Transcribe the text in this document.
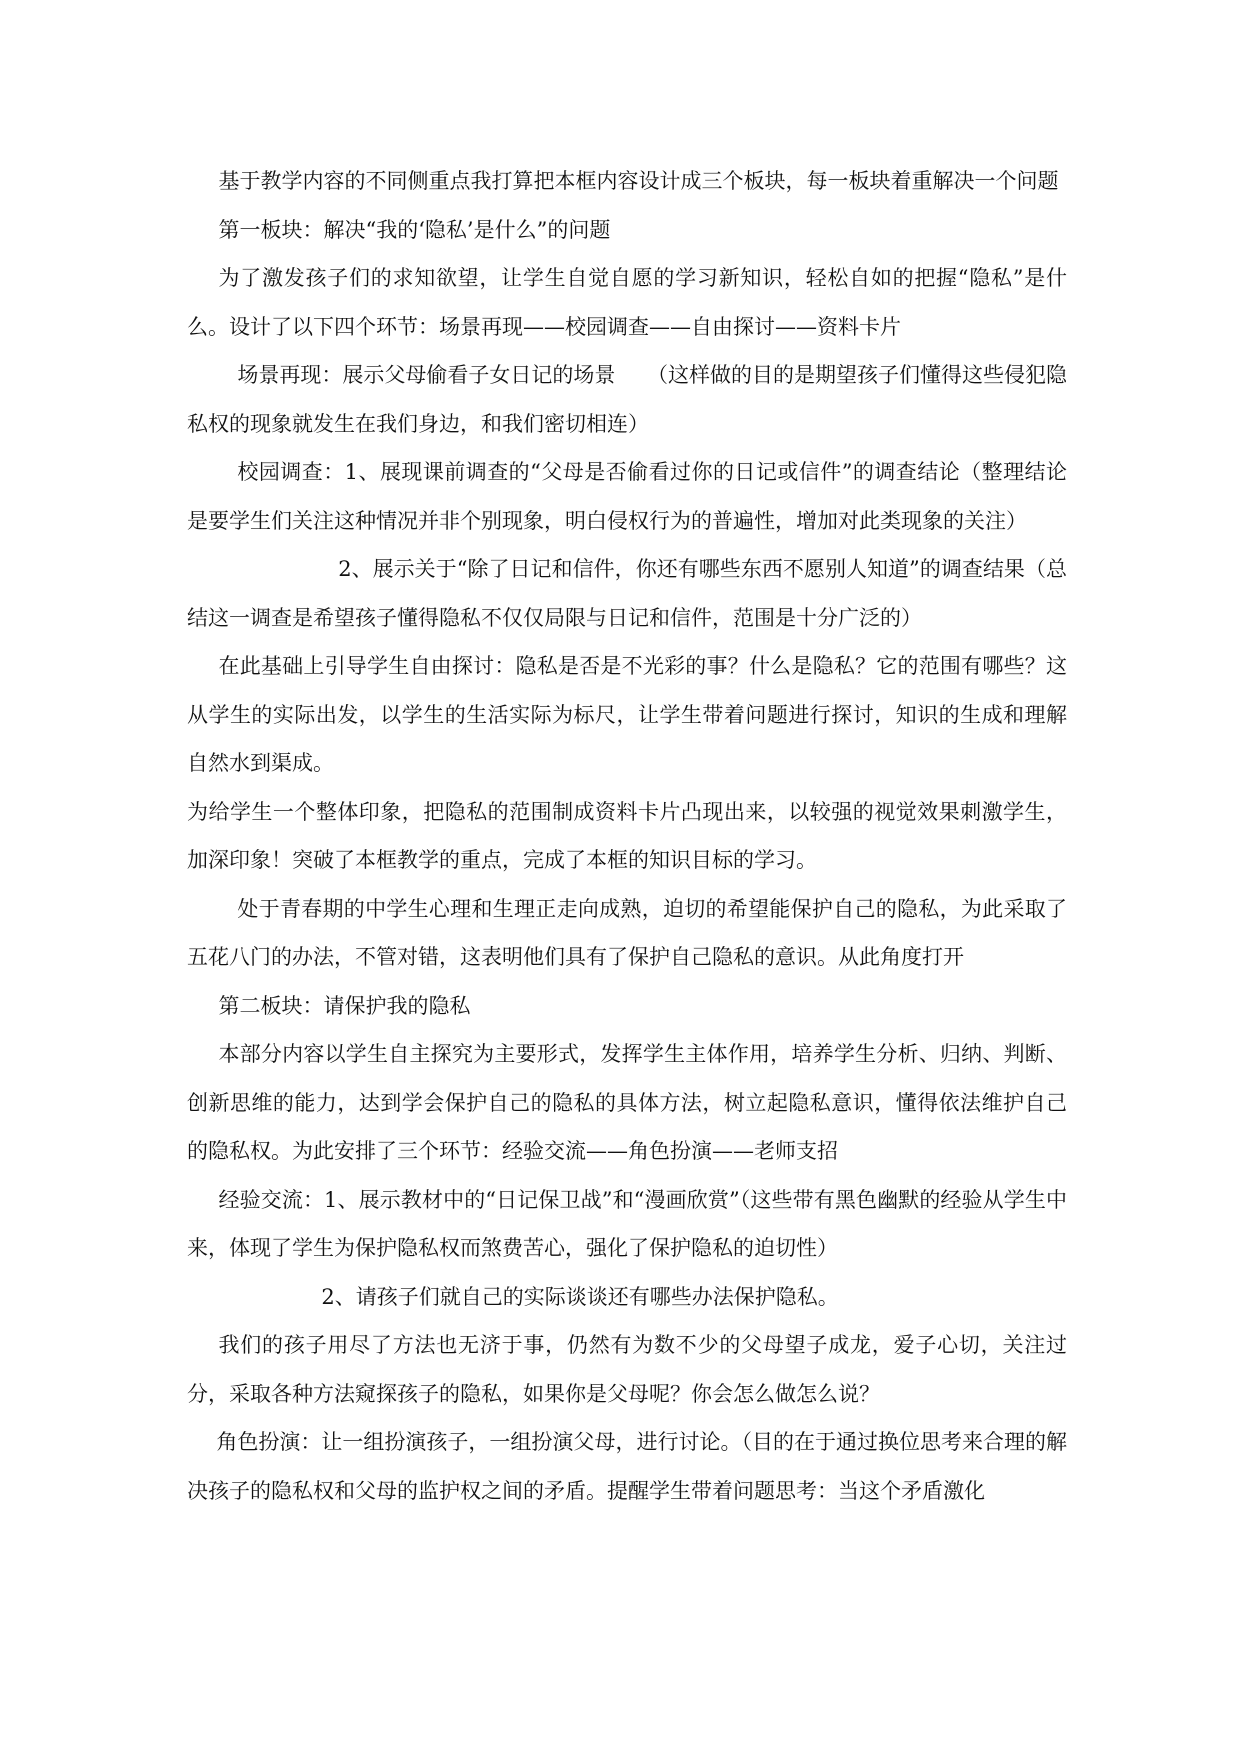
基于教学内容的不同侧重点我打算把本框内容设计成三个板块，每一板块着重解决一个问题

第一板块：解决“我的‘隐私’是什么”的问题

为了激发孩子们的求知欲望，让学生自觉自愿的学习新知识，轻松自如的把握“隐私”是什么。设计了以下四个环节：场景再现——校园调查——自由探讨——资料卡片

场景再现：展示父母偷看子女日记的场景　　（这样做的目的是期望孩子们懂得这些侵犯隐私权的现象就发生在我们身边，和我们密切相连）

校园调查：1、展现课前调查的“父母是否偷看过你的日记或信件”的调查结论（整理结论是要学生们关注这种情况并非个别现象，明白侵权行为的普遍性，增加对此类现象的关注）

2、展示关于“除了日记和信件，你还有哪些东西不愿别人知道”的调查结果（总结这一调查是希望孩子懂得隐私不仅仅局限与日记和信件，范围是十分广泛的）

在此基础上引导学生自由探讨：隐私是否是不光彩的事？什么是隐私？它的范围有哪些？这从学生的实际出发，以学生的生活实际为标尺，让学生带着问题进行探讨，知识的生成和理解自然水到渠成。

为给学生一个整体印象，把隐私的范围制成资料卡片凸现出来，以较强的视觉效果刺激学生，加深印象！突破了本框教学的重点，完成了本框的知识目标的学习。

处于青春期的中学生心理和生理正走向成熟，迫切的希望能保护自己的隐私，为此采取了五花八门的办法，不管对错，这表明他们具有了保护自己隐私的意识。从此角度打开

第二板块：请保护我的隐私

本部分内容以学生自主探究为主要形式，发挥学生主体作用，培养学生分析、归纳、判断、创新思维的能力，达到学会保护自己的隐私的具体方法，树立起隐私意识，懂得依法维护自己的隐私权。为此安排了三个环节：经验交流——角色扮演——老师支招

经验交流：1、展示教材中的“日记保卫战”和“漫画欣赏”（这些带有黑色幽默的经验从学生中来，体现了学生为保护隐私权而煞费苦心，强化了保护隐私的迫切性）

2、请孩子们就自己的实际谈谈还有哪些办法保护隐私。

我们的孩子用尽了方法也无济于事，仍然有为数不少的父母望子成龙，爱子心切，关注过分，采取各种方法窥探孩子的隐私，如果你是父母呢？你会怎么做怎么说？

角色扮演：让一组扮演孩子，一组扮演父母，进行讨论。（目的在于通过换位思考来合理的解决孩子的隐私权和父母的监护权之间的矛盾。提醒学生带着问题思考：当这个矛盾激化
